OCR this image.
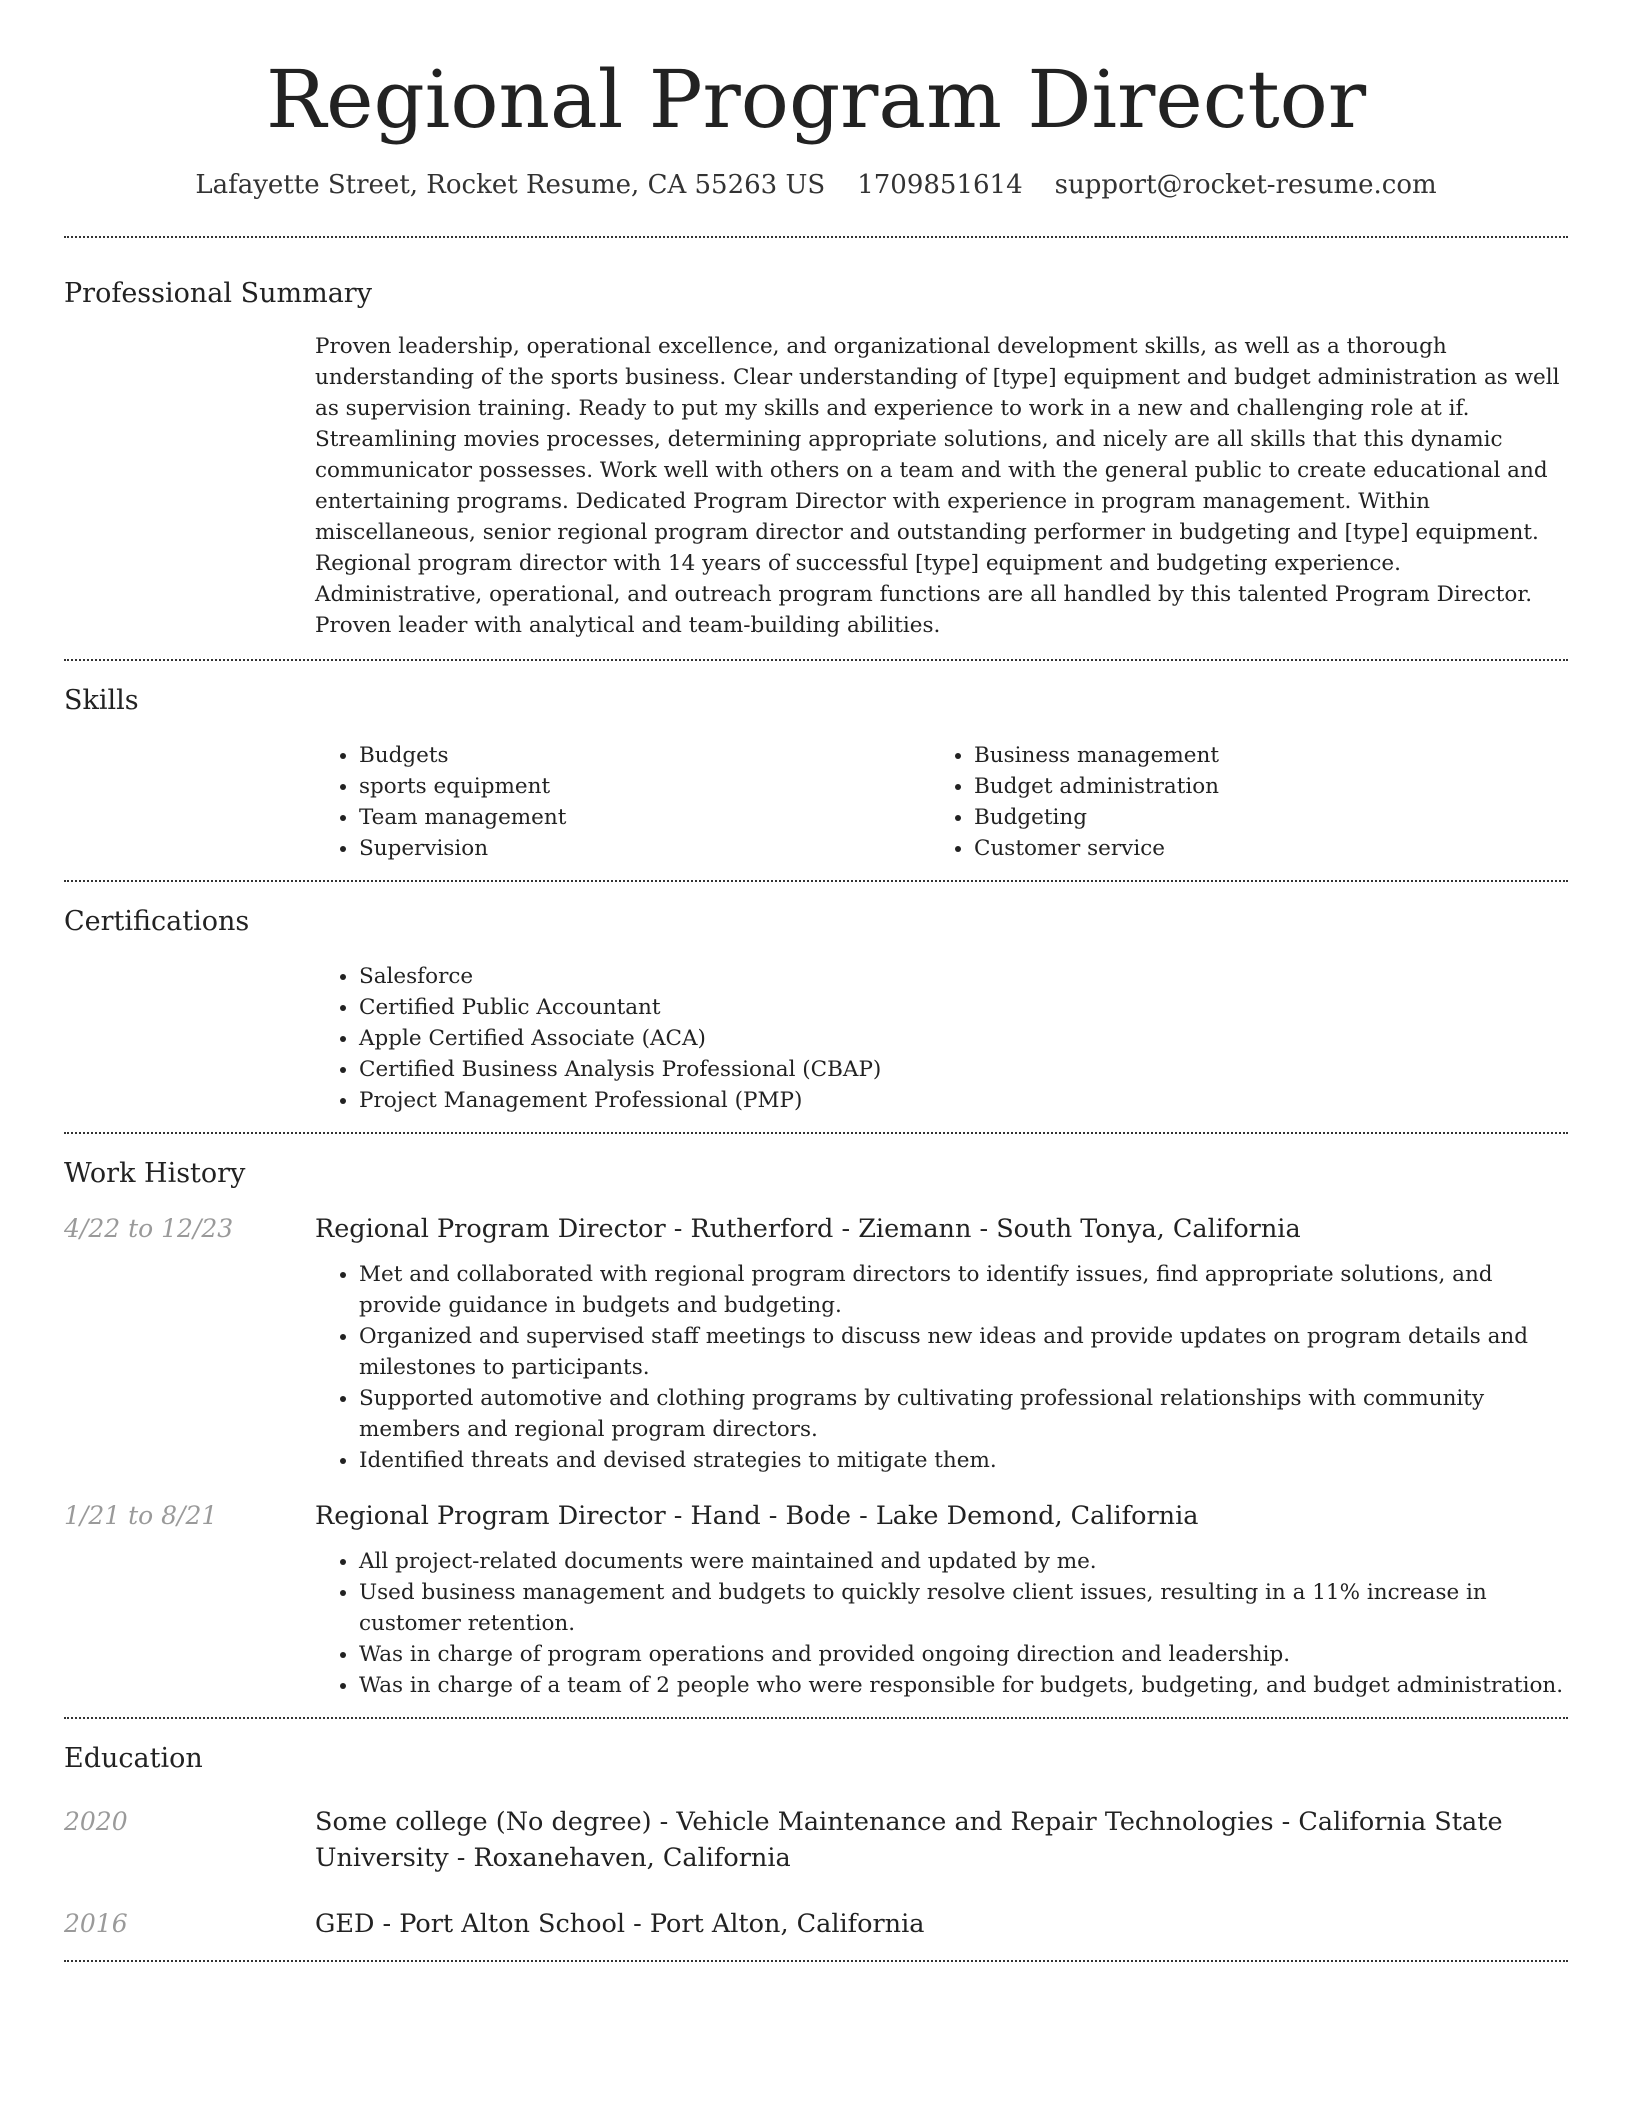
Regional Program Director
Lafayette Street, Rocket Resume, CA 55263 US 1709851614 support@rocket-resume.com
Professional Summary

Proven leadership, operational excellence, and organizational development skills, as well as a thorough understanding of the sports business. Clear understanding of [type] equipment and budget administration as well as supervision training. Ready to put my skills and experience to work in a new and challenging role at if. Streamlining movies processes, determining appropriate solutions, and nicely are all skills that this dynamic communicator possesses. Work well with others on a team and with the general public to create educational and entertaining programs. Dedicated Program Director with experience in program management. Within miscellaneous, senior regional program director and outstanding performer in budgeting and [type] equipment. Regional program director with 14 years of successful [type] equipment and budgeting experience. Administrative, operational, and outreach program functions are all handled by this talented Program Director. Proven leader with analytical and team-building abilities.

Skills
• Budgets
• sports equipment
• Team management
• Supervision
• Business management
• Budget administration
• Budgeting
• Customer service
Certifications
• Salesforce
• Certified Public Accountant
• Apple Certified Associate (ACA)
• Certified Business Analysis Professional (CBAP)
• Project Management Professional (PMP)
Work History
4/22 to 12/23	Regional Program Director - Rutherford - Ziemann - South Tonya, California
• Met and collaborated with regional program directors to identify issues, find appropriate solutions, and provide guidance in budgets and budgeting.
• Organized and supervised staff meetings to discuss new ideas and provide updates on program details and milestones to participants.
• Supported automotive and clothing programs by cultivating professional relationships with community members and regional program directors.
• Identified threats and devised strategies to mitigate them.
1/21 to 8/21	Regional Program Director - Hand - Bode - Lake Demond, California
• All project-related documents were maintained and updated by me.
• Used business management and budgets to quickly resolve client issues, resulting in a 11% increase in customer retention.
• Was in charge of program operations and provided ongoing direction and leadership.
• Was in charge of a team of 2 people who were responsible for budgets, budgeting, and budget administration.
Education
2020	Some college (No degree) - Vehicle Maintenance and Repair Technologies - California State University - Roxanehaven, California
2016	GED - Port Alton School - Port Alton, California
